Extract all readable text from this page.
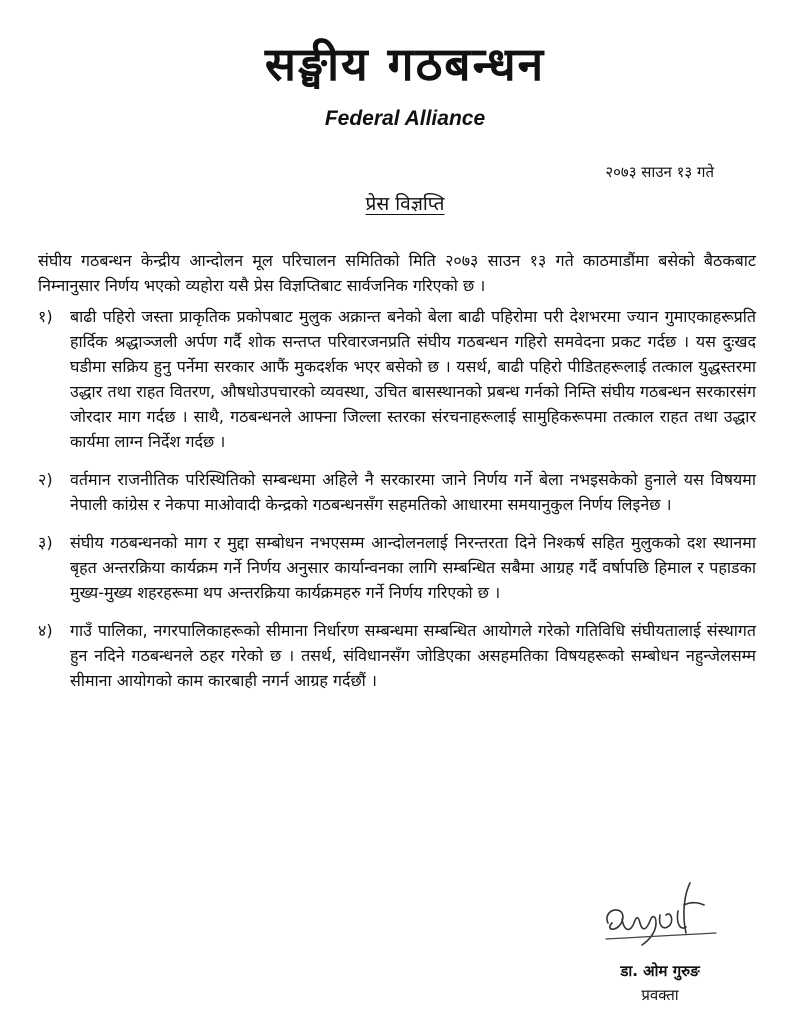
सङ्घीय गठबन्धन
Federal Alliance
२०७३ साउन १३ गते
प्रेस विज्ञप्ति

संघीय गठबन्धन केन्द्रीय आन्दोलन मूल परिचालन समितिको मिति २०७३ साउन १३ गते काठमाडौंमा बसेको बैठकबाट निम्नानुसार निर्णय भएको व्यहोरा यसै प्रेस विज्ञप्तिबाट सार्वजनिक गरिएको छ ।

१)	बाढी पहिरो जस्ता प्राकृतिक प्रकोपबाट मुलुक अक्रान्त बनेको बेला बाढी पहिरोमा परी देशभरमा ज्यान गुमाएकाहरूप्रति हार्दिक श्रद्धाञ्जली अर्पण गर्दै शोक सन्तप्त परिवारजनप्रति संघीय गठबन्धन गहिरो समवेदना प्रकट गर्दछ । यस दुःखद घडीमा सक्रिय हुनु पर्नेमा सरकार आफैं मुकदर्शक भएर बसेको छ । यसर्थ, बाढी पहिरो पीडितहरूलाई तत्काल युद्धस्तरमा उद्धार तथा राहत वितरण, औषधोउपचारको व्यवस्था, उचित बासस्थानको प्रबन्ध गर्नको निम्ति संघीय गठबन्धन सरकारसंग जोरदार माग गर्दछ । साथै, गठबन्धनले आफ्ना जिल्ला स्तरका संरचनाहरूलाई सामुहिकरूपमा तत्काल राहत तथा उद्धार कार्यमा लाग्न निर्देश गर्दछ ।
२)	वर्तमान राजनीतिक परिस्थितिको सम्बन्धमा अहिले नै सरकारमा जाने निर्णय गर्ने बेला नभइसकेको हुनाले यस विषयमा नेपाली कांग्रेस र नेकपा माओवादी केन्द्रको गठबन्धनसँग सहमतिको आधारमा समयानुकुल निर्णय लिइनेछ ।
३)	संघीय गठबन्धनको माग र मुद्दा सम्बोधन नभएसम्म आन्दोलनलाई निरन्तरता दिने निश्कर्ष सहित मुलुकको दश स्थानमा बृहत अन्तरक्रिया कार्यक्रम गर्ने निर्णय अनुसार कार्यान्वनका लागि सम्बन्धित सबैमा आग्रह गर्दै वर्षापछि हिमाल र पहाडका मुख्य-मुख्य शहरहरूमा थप अन्तरक्रिया कार्यक्रमहरु गर्ने निर्णय गरिएको छ ।
४)	गाउँ पालिका, नगरपालिकाहरूको सीमाना निर्धारण सम्बन्धमा सम्बन्धित आयोगले गरेको गतिविधि संघीयतालाई संस्थागत हुन नदिने गठबन्धनले ठहर गरेको छ । तसर्थ, संविधानसँग जोडिएका असहमतिका विषयहरूको सम्बोधन नहुन्जेलसम्म सीमाना आयोगको काम कारबाही नगर्न आग्रह गर्दछौं ।
डा. ओम गुरुङ
प्रवक्ता
